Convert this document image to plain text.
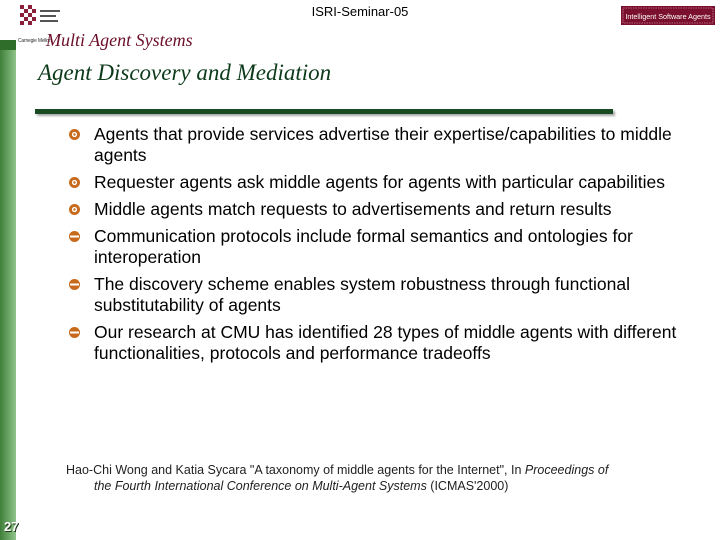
Carnegie Mellon
ISRI-Seminar-05	Intelligent Software Agents
Multi Agent Systems
Agent Discovery and Mediation
Agents that provide services advertise their expertise/capabilities to middle agents
Requester agents ask middle agents for agents with particular capabilities
Middle agents match requests to advertisements and return results
Communication protocols include formal semantics and ontologies for interoperation
The discovery scheme enables system robustness through functional substitutability of agents
Our research at CMU has identified 28 types of middle agents with different functionalities, protocols and performance tradeoffs
Hao-Chi Wong and Katia Sycara "A taxonomy of middle agents for the Internet", In Proceedings of
the Fourth International Conference on Multi-Agent Systems (ICMAS'2000)
27
